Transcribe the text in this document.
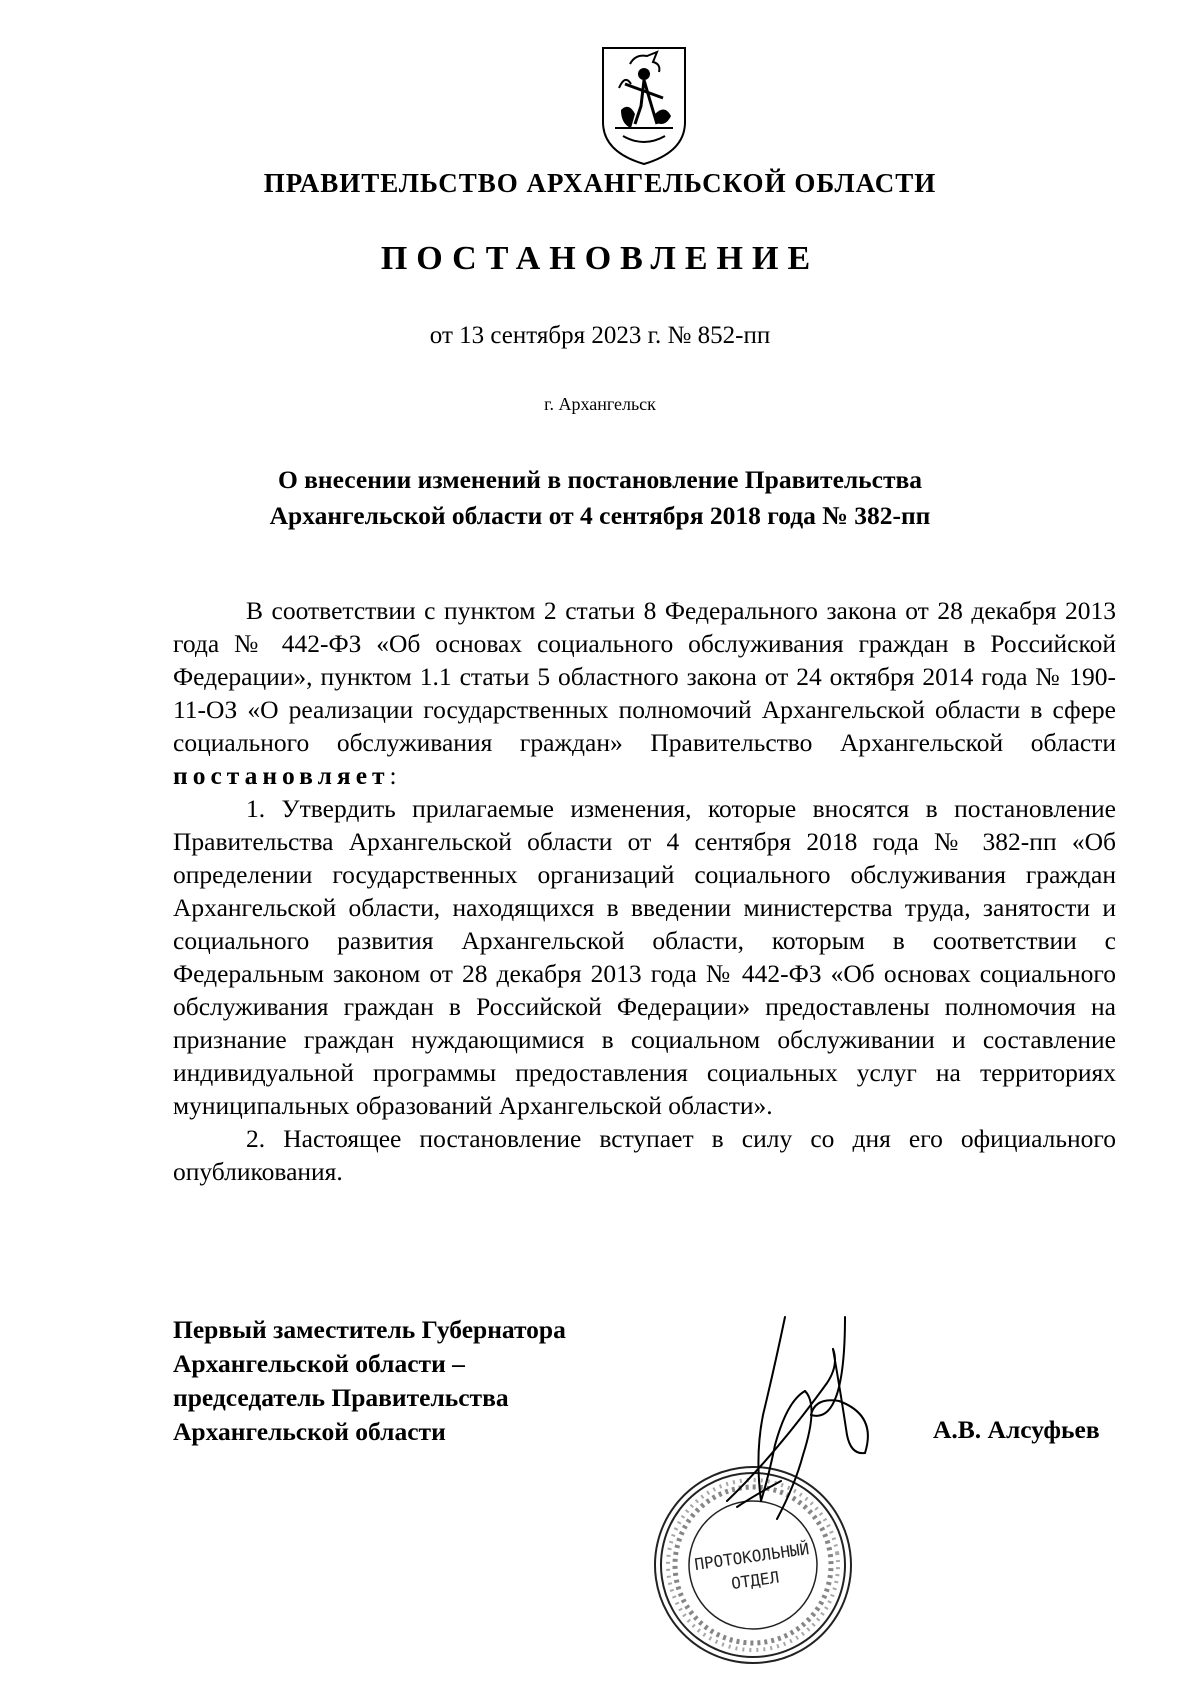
ПРАВИТЕЛЬСТВО АРХАНГЕЛЬСКОЙ ОБЛАСТИ
ПОСТАНОВЛЕНИЕ
от 13 сентября 2023 г. № 852-пп
г. Архангельск
О внесении изменений в постановление Правительства
Архангельской области от 4 сентября 2018 года № 382-пп

В соответствии с пунктом 2 статьи 8 Федерального закона от 28 декабря 2013 года № 442-ФЗ «Об основах социального обслуживания граждан в Российской Федерации», пунктом 1.1 статьи 5 областного закона от 24 октября 2014 года № 190-11-ОЗ «О реализации государственных полномочий Архангельской области в сфере социального обслуживания граждан» Правительство Архангельской области постановляет:

1. Утвердить прилагаемые изменения, которые вносятся в постановление Правительства Архангельской области от 4 сентября 2018 года № 382-пп «Об определении государственных организаций социального обслуживания граждан Архангельской области, находящихся в введении министерства труда, занятости и социального развития Архангельской области, которым в соответствии с Федеральным законом от 28 декабря 2013 года № 442-ФЗ «Об основах социального обслуживания граждан в Российской Федерации» предоставлены полномочия на признание граждан нуждающимися в социальном обслуживании и составление индивидуальной программы предоставления социальных услуг на территориях муниципальных образований Архангельской области».

2. Настоящее постановление вступает в силу со дня его официального опубликования.

Первый заместитель Губернатора
Архангельской области –
председатель Правительства
Архангельской области	А.В. Алсуфьев
ПРОТОКОЛЬНЫЙ
ОТДЕЛ
